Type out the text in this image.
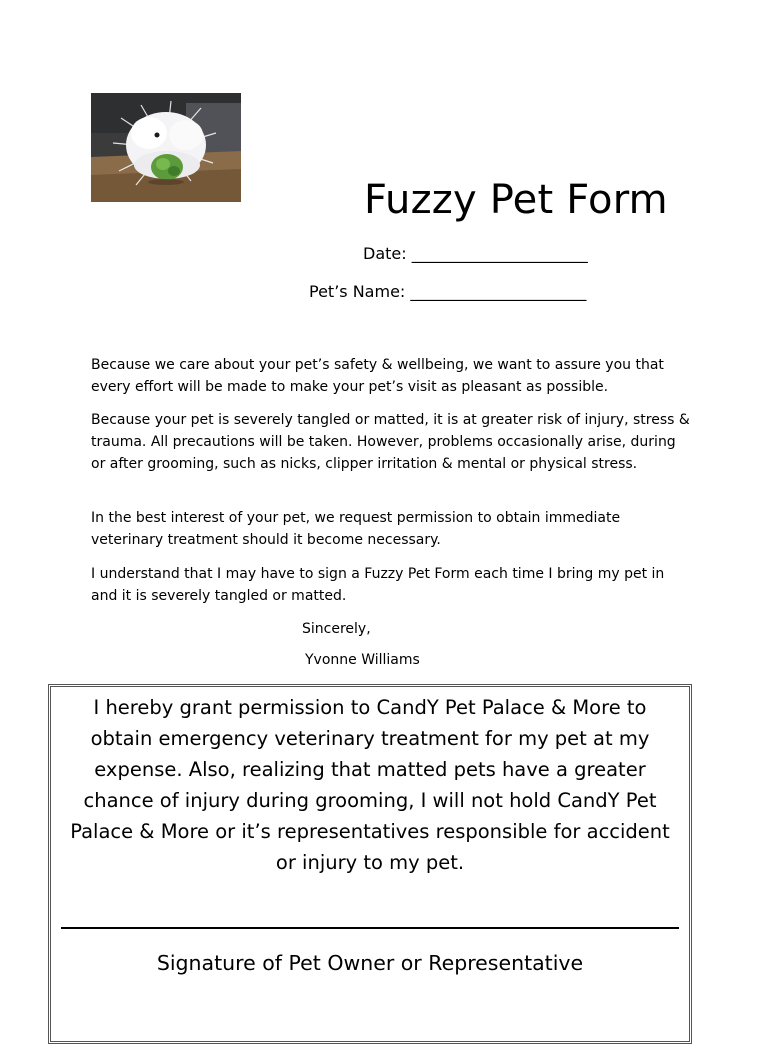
Fuzzy Pet Form
Date: ______________________
Pet’s Name: ______________________

Because we care about your pet’s safety & wellbeing, we want to assure you that every effort will be made to make your pet’s visit as pleasant as possible.

Because your pet is severely tangled or matted, it is at greater risk of injury, stress & trauma. All precautions will be taken. However, problems occasionally arise, during or after grooming, such as nicks, clipper irritation & mental or physical stress.

In the best interest of your pet, we request permission to obtain immediate veterinary treatment should it become necessary.

I understand that I may have to sign a Fuzzy Pet Form each time I bring my pet in and it is severely tangled or matted.

Sincerely,
Yvonne Williams

I hereby grant permission to CandY Pet Palace & More to obtain emergency veterinary treatment for my pet at my expense. Also, realizing that matted pets have a greater chance of injury during grooming, I will not hold CandY Pet Palace & More or it’s representatives responsible for accident or injury to my pet.

Signature of Pet Owner or Representative
